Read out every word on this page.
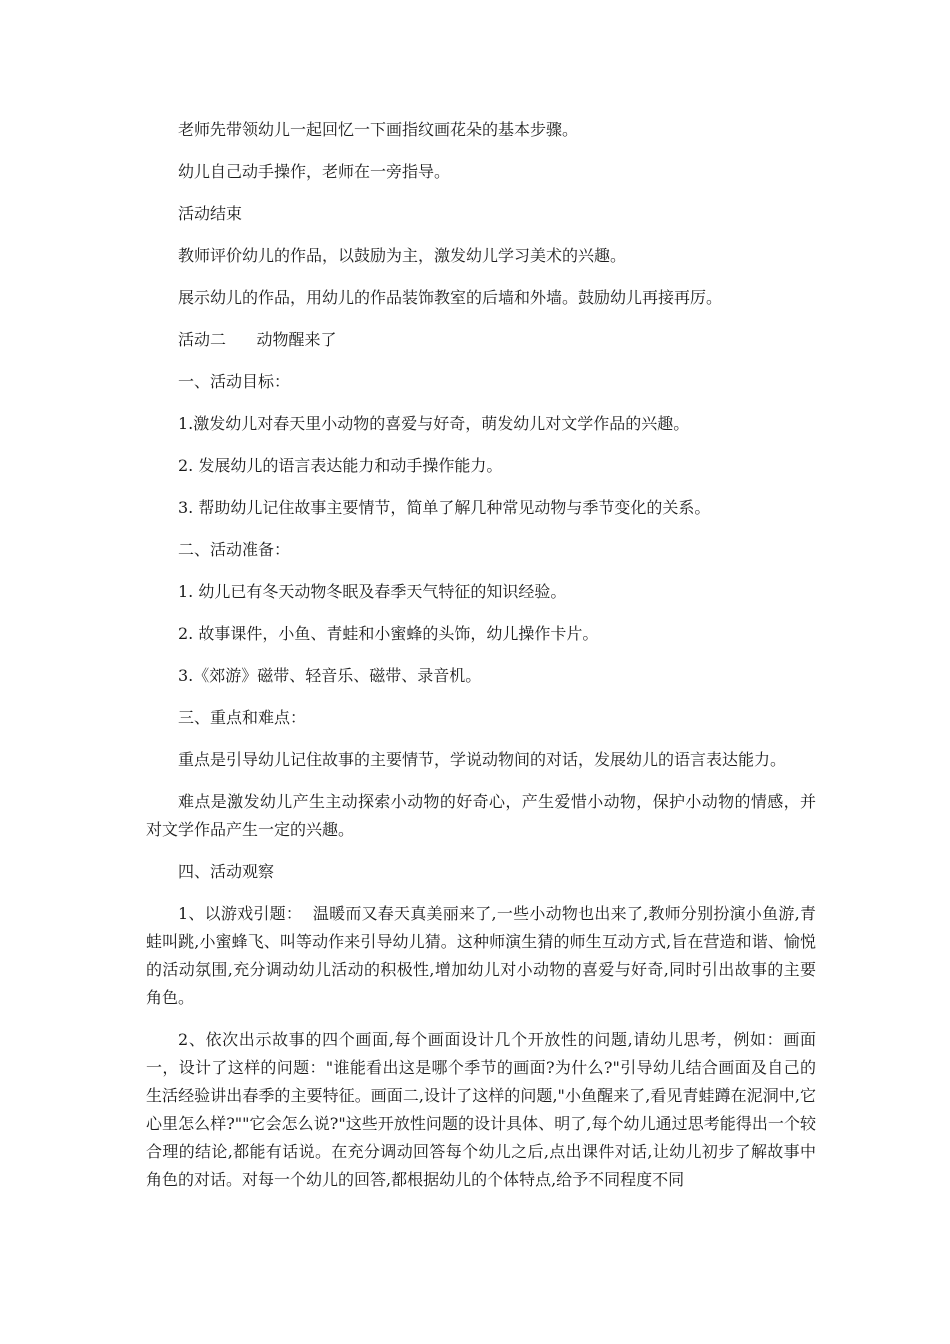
老师先带领幼儿一起回忆一下画指纹画花朵的基本步骤。

幼儿自己动手操作，老师在一旁指导。

活动结束

教师评价幼儿的作品，以鼓励为主，激发幼儿学习美术的兴趣。

展示幼儿的作品，用幼儿的作品装饰教室的后墙和外墙。鼓励幼儿再接再厉。

活动二      动物醒来了

一、活动目标：

1.激发幼儿对春天里小动物的喜爱与好奇，萌发幼儿对文学作品的兴趣。

2. 发展幼儿的语言表达能力和动手操作能力。

3. 帮助幼儿记住故事主要情节，简单了解几种常见动物与季节变化的关系。

二、活动准备：

1. 幼儿已有冬天动物冬眠及春季天气特征的知识经验。

2. 故事课件，小鱼、青蛙和小蜜蜂的头饰，幼儿操作卡片。

3.《郊游》磁带、轻音乐、磁带、录音机。

三、重点和难点：

重点是引导幼儿记住故事的主要情节，学说动物间的对话，发展幼儿的语言表达能力。

难点是激发幼儿产生主动探索小动物的好奇心，产生爱惜小动物，保护小动物的情感，并对文学作品产生一定的兴趣。

四、活动观察

1、以游戏引题：  温暖而又春天真美丽来了,一些小动物也出来了,教师分别扮演小鱼游,青蛙叫跳,小蜜蜂飞、叫等动作来引导幼儿猜。这种师演生猜的师生互动方式,旨在营造和谐、愉悦的活动氛围,充分调动幼儿活动的积极性,增加幼儿对小动物的喜爱与好奇,同时引出故事的主要角色。

2、依次出示故事的四个画面,每个画面设计几个开放性的问题,请幼儿思考，例如：画面一，设计了这样的问题："谁能看出这是哪个季节的画面?为什么?"引导幼儿结合画面及自己的生活经验讲出春季的主要特征。画面二,设计了这样的问题,"小鱼醒来了,看见青蛙蹲在泥洞中,它心里怎么样?""它会怎么说?"这些开放性问题的设计具体、明了,每个幼儿通过思考能得出一个较合理的结论,都能有话说。在充分调动回答每个幼儿之后,点出课件对话,让幼儿初步了解故事中角色的对话。对每一个幼儿的回答,都根据幼儿的个体特点,给予不同程度不同
